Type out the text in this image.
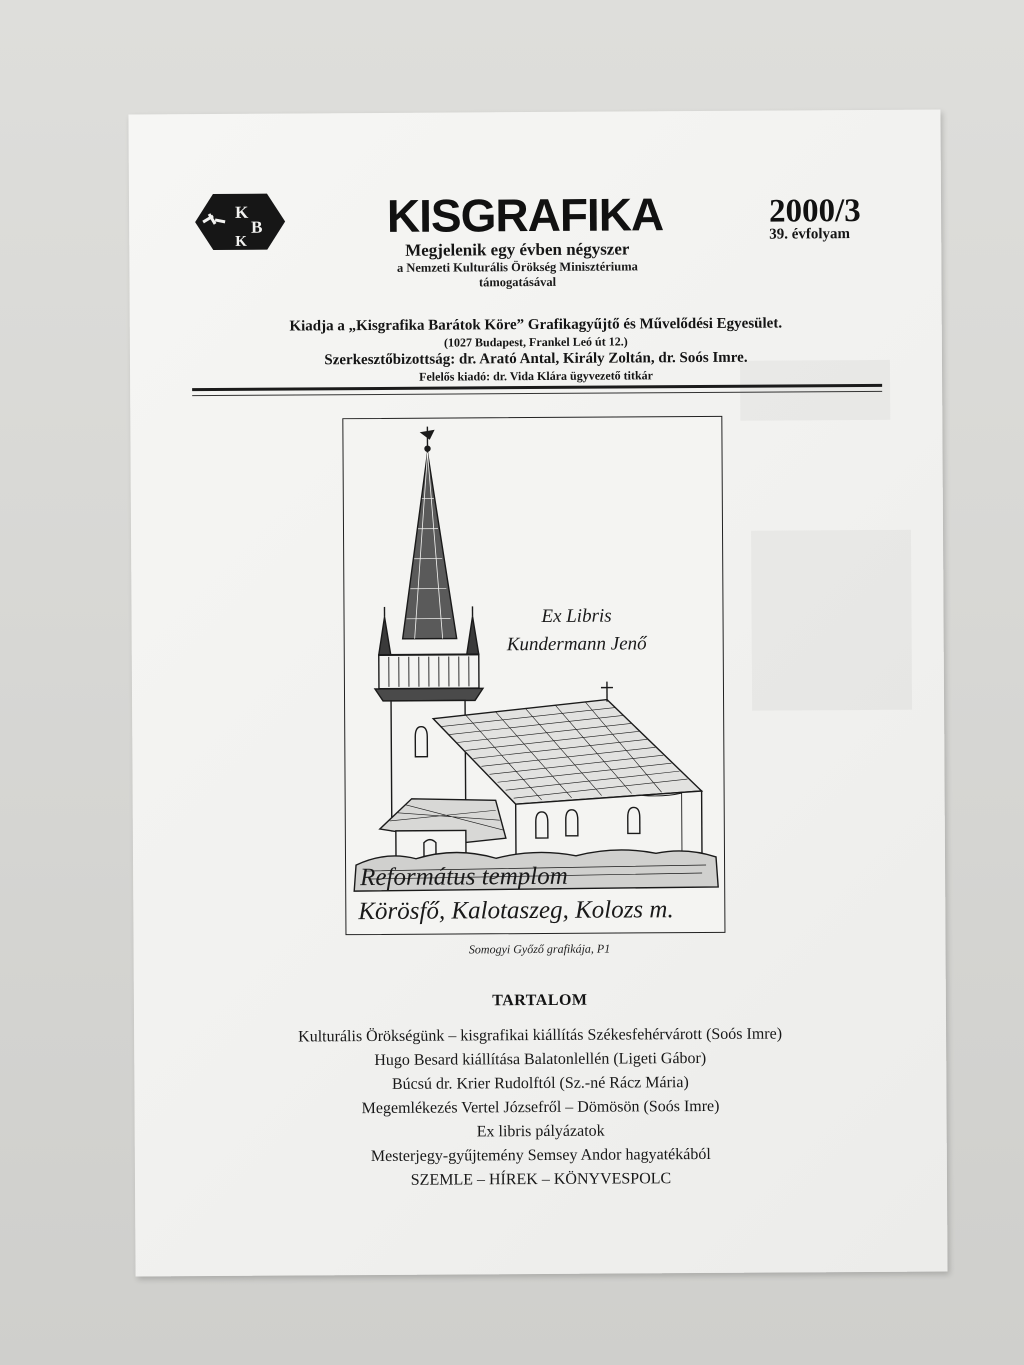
K
B
K	KISGRAFIKA
Megjelenik egy évben négyszer
a Nemzeti Kulturális Örökség Minisztériuma
támogatásával
2000/3
39. évfolyam
Kiadja a „Kisgrafika Barátok Köre” Grafikagyűjtő és Művelődési Egyesület.
(1027 Budapest, Frankel Leó út 12.)
Szerkesztőbizottság: dr. Arató Antal, Király Zoltán, dr. Soós Imre.
Felelős kiadó: dr. Vida Klára ügyvezető titkár
Ex Libris
Kundermann Jenő
Református templom
Körösfő, Kalotaszeg, Kolozs m.
Somogyi Győző grafikája, P1
TARTALOM
Kulturális Örökségünk – kisgrafikai kiállítás Székesfehérvárott (Soós Imre)
Hugo Besard kiállítása Balatonlellén (Ligeti Gábor)
Búcsú dr. Krier Rudolftól (Sz.-né Rácz Mária)
Megemlékezés Vertel Józsefről – Dömösön (Soós Imre)
Ex libris pályázatok
Mesterjegy-gyűjtemény Semsey Andor hagyatékából
SZEMLE – HÍREK – KÖNYVESPOLC
